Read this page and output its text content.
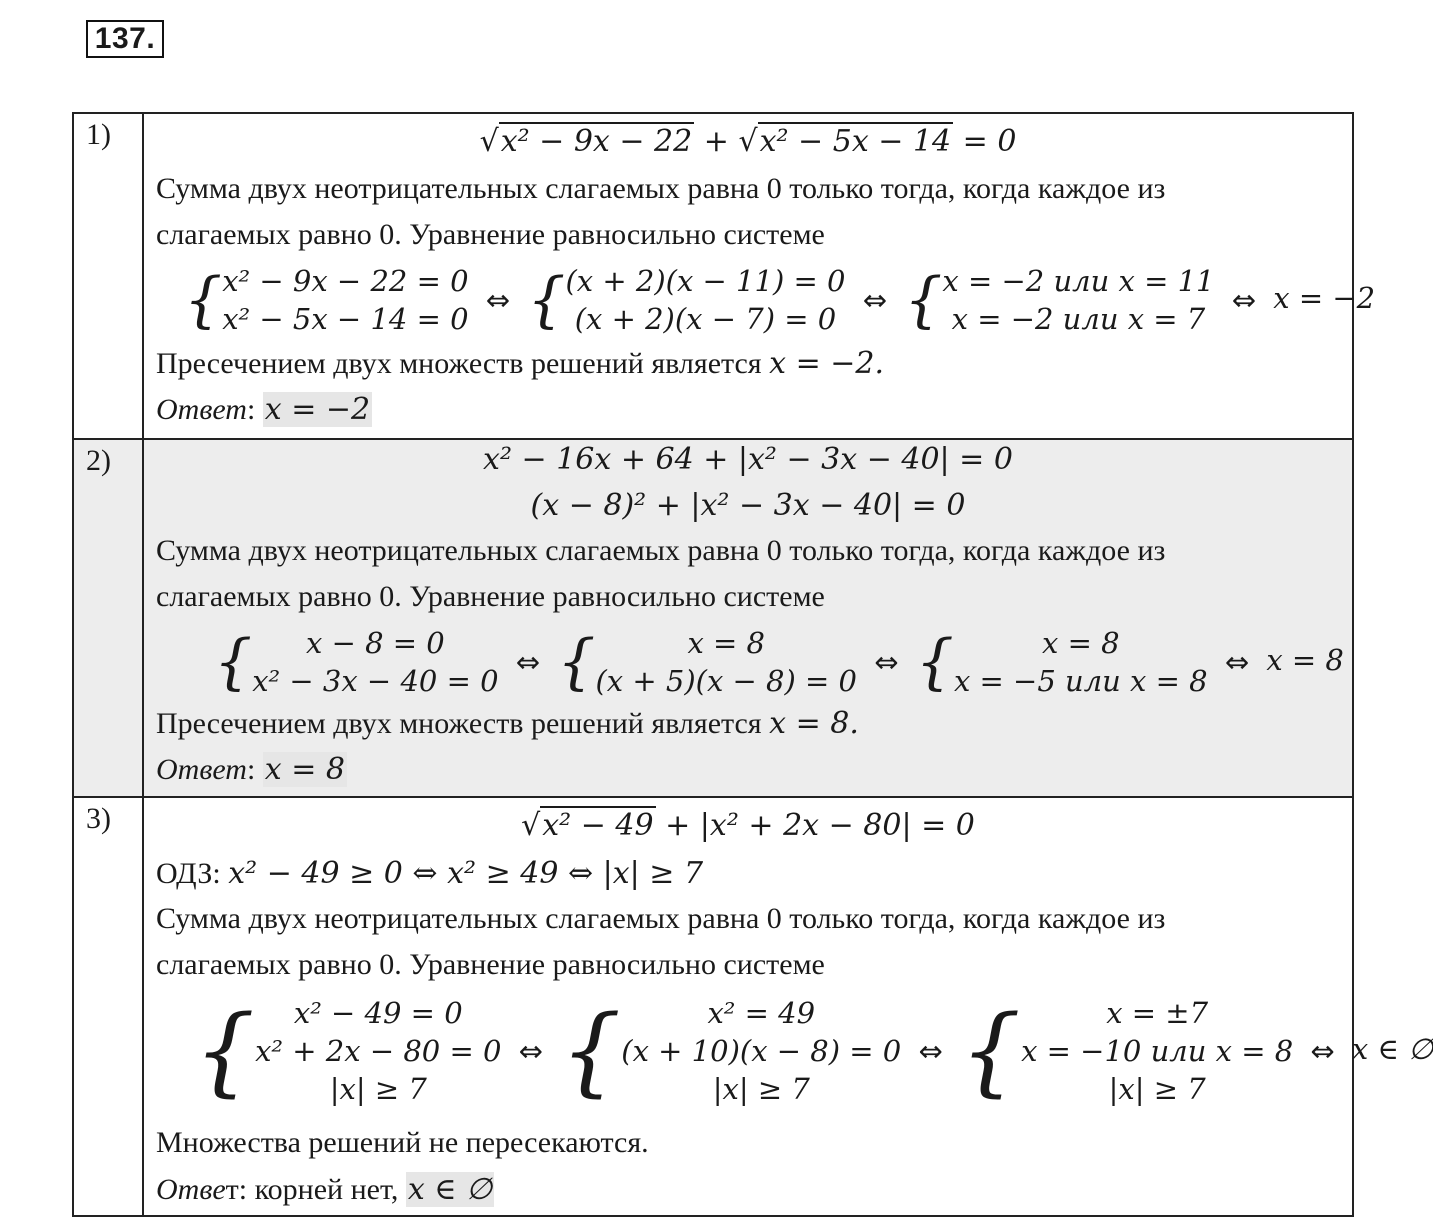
137.
1)	√x² − 9x − 22 + √x² − 5x − 14 = 0
Сумма двух неотрицательных слагаемых равна 0 только тогда, когда каждое из
слагаемых равно 0. Уравнение равносильно системе
{ x² − 9x − 22 = 0
x² − 5x − 14 = 0
⇔ { (x + 2)(x − 11) = 0
(x + 2)(x − 7) = 0
⇔ { x = −2 или x = 11
x = −2 или x = 7
⇔ x = −2
Пресечением двух множеств решений является x = −2.
Ответ: x = −2
2)	x² − 16x + 64 + |x² − 3x − 40| = 0
(x − 8)² + |x² − 3x − 40| = 0
Сумма двух неотрицательных слагаемых равна 0 только тогда, когда каждое из
слагаемых равно 0. Уравнение равносильно системе
{	x − 8 = 0
x² − 3x − 40 = 0
⇔ {	x = 8
(x + 5)(x − 8) = 0
⇔ {	x = 8
x = −5 или x = 8
⇔ x = 8
Пресечением двух множеств решений является x = 8.
Ответ: x = 8
3)	√x² − 49 + |x² + 2x − 80| = 0
ОДЗ: x² − 49 ≥ 0 ⇔ x² ≥ 49 ⇔ |x| ≥ 7
Сумма двух неотрицательных слагаемых равна 0 только тогда, когда каждое из
слагаемых равно 0. Уравнение равносильно системе
{	x² − 49 = 0
x² + 2x − 80 = 0
|x| ≥ 7
⇔ {	x² = 49
(x + 10)(x − 8) = 0
|x| ≥ 7
⇔ {	x = ±7
x = −10 или x = 8
|x| ≥ 7
⇔ x ∈ ∅
Множества решений не пересекаются.
Ответ: корней нет, x ∈ ∅
